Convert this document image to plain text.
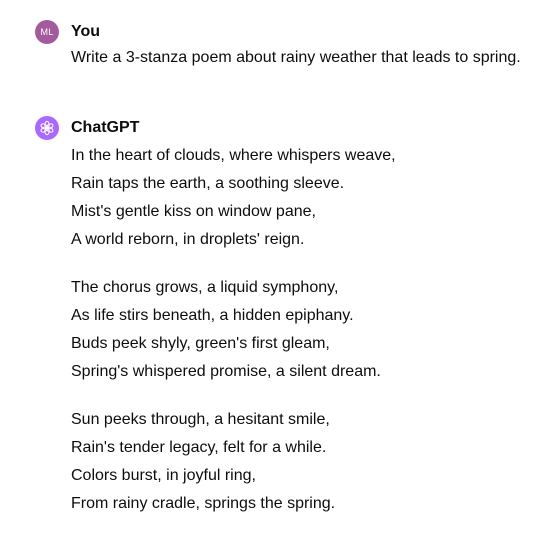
ML You
Write a 3-stanza poem about rainy weather that leads to spring.
ChatGPT
In the heart of clouds, where whispers weave,
Rain taps the earth, a soothing sleeve.
Mist's gentle kiss on window pane,
A world reborn, in droplets' reign.
The chorus grows, a liquid symphony,
As life stirs beneath, a hidden epiphany.
Buds peek shyly, green's first gleam,
Spring's whispered promise, a silent dream.
Sun peeks through, a hesitant smile,
Rain's tender legacy, felt for a while.
Colors burst, in joyful ring,
From rainy cradle, springs the spring.
